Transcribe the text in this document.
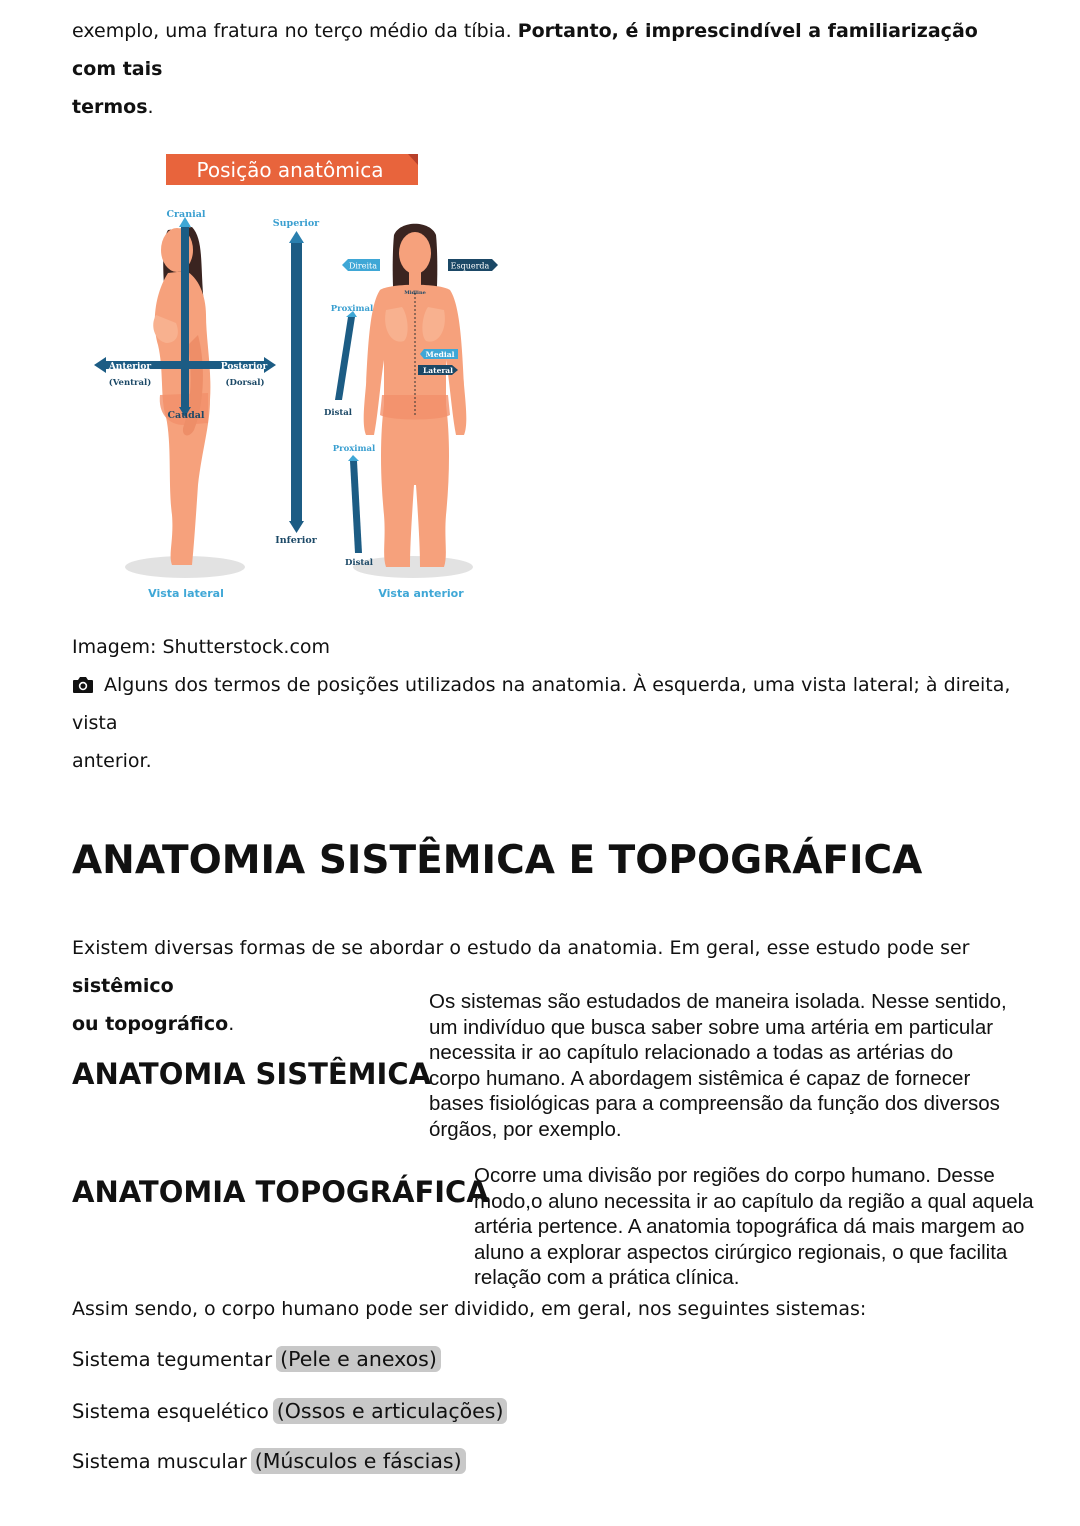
exemplo, uma fratura no terço médio da tíbia. Portanto, é imprescindível a familiarização com tais
termos.

Posição anatômica
Cranial
Caudal
Anterior
(Ventral)
Posterior
(Dorsal)
Superior
Inferior
Midline
Direita	Esquerda
Medial
Lateral
Proximal
Distal
Proximal
Distal
Vista lateral	Vista anterior

Imagem: Shutterstock.com

Alguns dos termos de posições utilizados na anatomia. À esquerda, uma vista lateral; à direita, vista
anterior.

ANATOMIA SISTÊMICA E TOPOGRÁFICA

Existem diversas formas de se abordar o estudo da anatomia. Em geral, esse estudo pode ser sistêmico
ou topográfico.

ANATOMIA SISTÊMICA
Os sistemas são estudados de maneira isolada. Nesse sentido,
um indivíduo que busca saber sobre uma artéria em particular
necessita ir ao capítulo relacionado a todas as artérias do
corpo humano. A abordagem sistêmica é capaz de fornecer
bases fisiológicas para a compreensão da função dos diversos
órgãos, por exemplo.
ANATOMIA TOPOGRÁFICA
Ocorre uma divisão por regiões do corpo humano. Desse
modo,o aluno necessita ir ao capítulo da região a qual aquela
artéria pertence. A anatomia topográfica dá mais margem ao
aluno a explorar aspectos cirúrgico regionais, o que facilita
relação com a prática clínica.

Assim sendo, o corpo humano pode ser dividido, em geral, nos seguintes sistemas:

Sistema tegumentar (Pele e anexos)
Sistema esquelético (Ossos e articulações)
Sistema muscular (Músculos e fáscias)
